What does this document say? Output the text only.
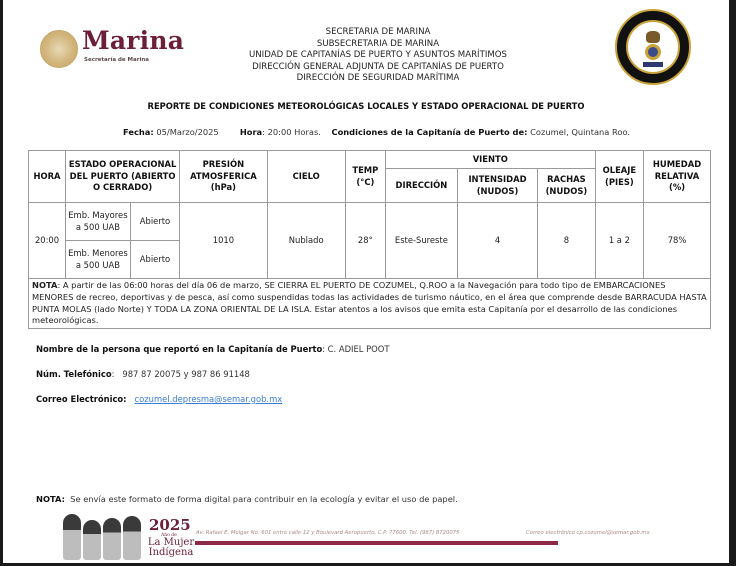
Marina
Secretaría de Marina
SECRETARIA DE MARINA
SUBSECRETARIA DE MARINA
UNIDAD DE CAPITANÍAS DE PUERTO Y ASUNTOS MARÍTIMOS
DIRECCIÓN GENERAL ADJUNTA DE CAPITANÍAS DE PUERTO
DIRECCIÓN DE SEGURIDAD MARÍTIMA
REPORTE DE CONDICIONES METEOROLÓGICAS LOCALES Y ESTADO OPERACIONAL DE PUERTO
Fecha: 05/Marzo/2025	Hora: 20:00 Horas. Condiciones de la Capitanía de Puerto de: Cozumel, Quintana Roo.
HORA	ESTADO OPERACIONAL DEL PUERTO (ABIERTO O CERRADO)		PRESIÓN ATMOSFERICA (hPa)	CIELO	TEMP (°C)	VIENTO			OLEAJE (PIES)	HUMEDAD RELATIVA (%)
						DIRECCIÓN	INTENSIDAD (NUDOS)	RACHAS (NUDOS)		
20:00	Emb. Mayores a 500 UAB	Abierto	1010	Nublado	28°	Este-Sureste	4	8	1 a 2	78%
	Emb. Menores a 500 UAB	Abierto								
NOTA: A partir de las 06:00 horas del día 06 de marzo, SE CIERRA EL PUERTO DE COZUMEL, Q.ROO a la Navegación para todo tipo de EMBARCACIONES MENORES de recreo, deportivas y de pesca, así como suspendidas todas las actividades de turismo náutico, en el área que comprende desde BARRACUDA HASTA PUNTA MOLAS (lado Norte) Y TODA LA ZONA ORIENTAL DE LA ISLA. Estar atentos a los avisos que emita esta Capitanía por el desarrollo de las condiciones meteorológicas.										
Nombre de la persona que reportó en la Capitanía de Puerto: C. ADIEL POOT
Núm. Telefónico:   987 87 20075 y 987 86 91148
Correo Electrónico: cozumel.depresma@semar.gob.mx
NOTA: Se envía este formato de forma digital para contribuir en la ecología y evitar el uso de papel.
2025
Año de
La Mujer Indígena
Av. Rafael E. Melgar No. 601 entre calle 12 y Boulevard Aeropuerto, C.P. 77600. Tel. (987) 8720075	Correo electrónico cp.cozumel@semar.gob.mx
